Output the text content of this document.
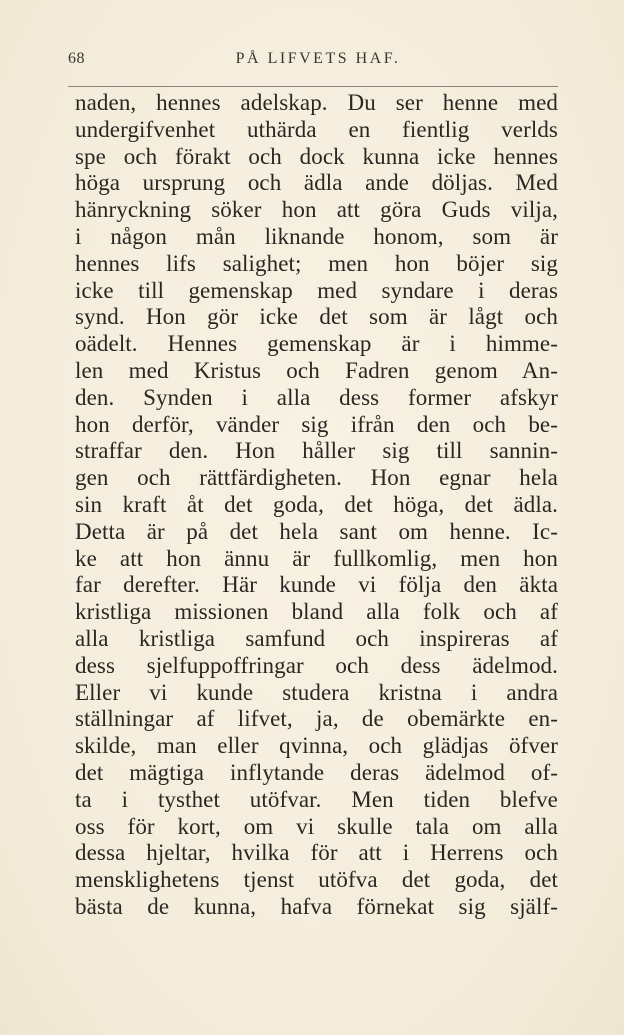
68	PÅ LIFVETS HAF.
naden, hennes adelskap. Du ser henne med
undergifvenhet uthärda en fientlig verlds
spe och förakt och dock kunna icke hennes
höga ursprung och ädla ande döljas. Med
hänryckning söker hon att göra Guds vilja,
i någon mån liknande honom, som är
hennes lifs salighet; men hon böjer sig
icke till gemenskap med syndare i deras
synd. Hon gör icke det som är lågt och
oädelt. Hennes gemenskap är i himme-
len med Kristus och Fadren genom An-
den. Synden i alla dess former afskyr
hon derför, vänder sig ifrån den och be-
straffar den. Hon håller sig till sannin-
gen och rättfärdigheten. Hon egnar hela
sin kraft åt det goda, det höga, det ädla.
Detta är på det hela sant om henne. Ic-
ke att hon ännu är fullkomlig, men hon
far derefter. Här kunde vi följa den äkta
kristliga missionen bland alla folk och af
alla kristliga samfund och inspireras af
dess sjelfuppoffringar och dess ädelmod.
Eller vi kunde studera kristna i andra
ställningar af lifvet, ja, de obemärkte en-
skilde, man eller qvinna, och glädjas öfver
det mägtiga inflytande deras ädelmod of-
ta i tysthet utöfvar. Men tiden blefve
oss för kort, om vi skulle tala om alla
dessa hjeltar, hvilka för att i Herrens och
mensklighetens tjenst utöfva det goda, det
bästa de kunna, hafva förnekat sig själf-
